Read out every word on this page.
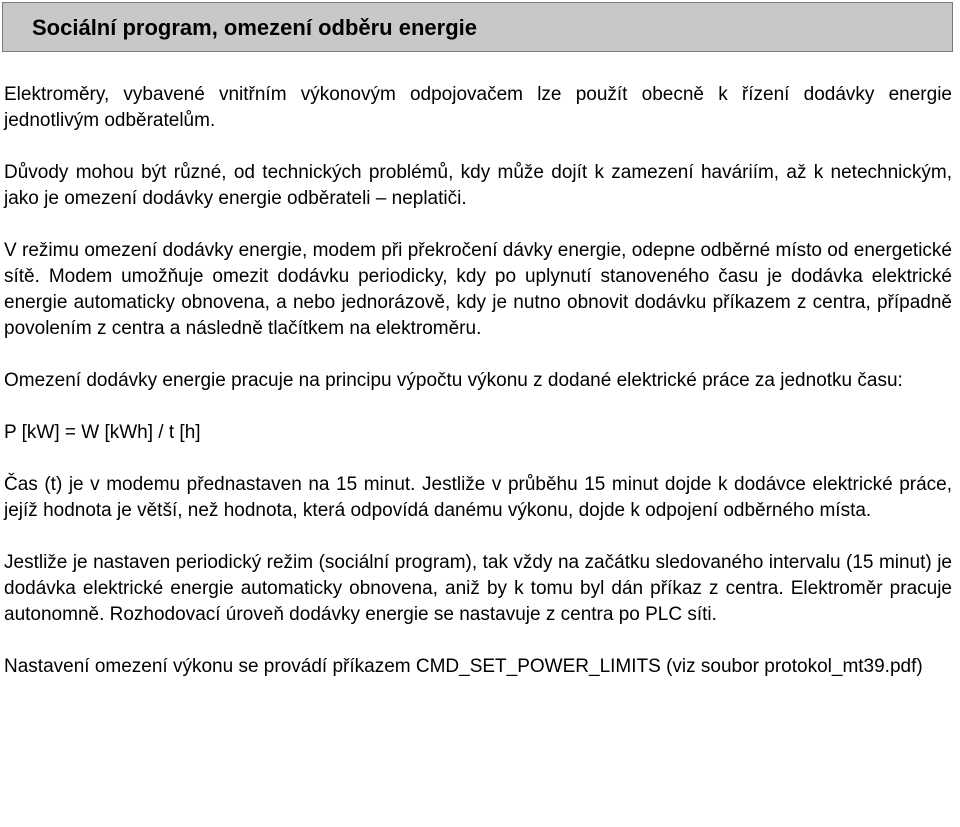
Sociální program, omezení odběru energie

Elektroměry, vybavené vnitřním výkonovým odpojovačem lze použít obecně k řízení dodávky energie jednotlivým odběratelům.

Důvody mohou být různé, od technických problémů, kdy může dojít k zamezení haváriím, až k netechnickým, jako je omezení dodávky energie odběrateli – neplatiči.

V režimu omezení dodávky energie, modem při překročení dávky energie, odepne odběrné místo od energetické sítě. Modem umožňuje omezit dodávku periodicky, kdy po uplynutí stanoveného času je dodávka elektrické energie automaticky obnovena, a nebo jednorázově, kdy je nutno obnovit dodávku příkazem z centra, případně povolením z centra a následně tlačítkem na elektroměru.

Omezení dodávky energie pracuje na principu výpočtu výkonu z dodané elektrické práce za jednotku času:

P [kW] = W [kWh] / t [h]

Čas (t) je v modemu přednastaven na 15 minut. Jestliže v průběhu 15 minut dojde k dodávce elektrické práce, jejíž hodnota je větší, než hodnota, která odpovídá danému výkonu, dojde k odpojení odběrného místa.

Jestliže je nastaven periodický režim (sociální program), tak vždy na začátku sledovaného intervalu (15 minut) je dodávka elektrické energie automaticky obnovena, aniž by k tomu byl dán příkaz z centra. Elektroměr pracuje autonomně. Rozhodovací úroveň dodávky energie se nastavuje z centra po PLC síti.

Nastavení omezení výkonu se provádí příkazem CMD_SET_POWER_LIMITS (viz soubor protokol_mt39.pdf)
